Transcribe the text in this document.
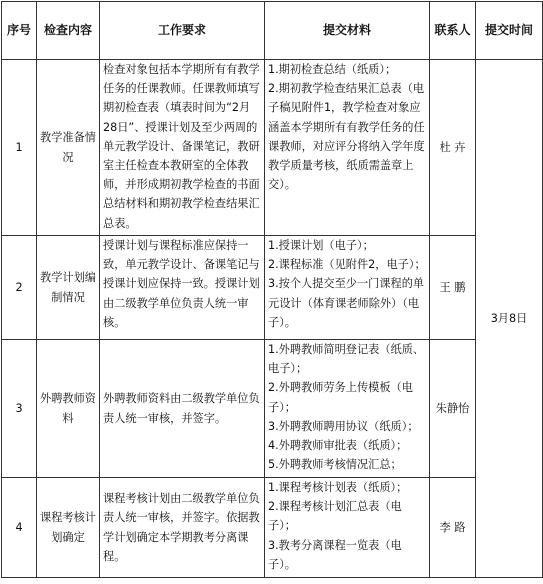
序号	检查内容	工作要求	提交材料	联系人	提交时间
1	教学准备情况	检查对象包括本学期所有有教学任务的任课教师。任课教师填写期初检查表（填表时间为“2月28日”、授课计划及至少两周的单元教学设计、备课笔记，教研室主任检查本教研室的全体教师，并形成期初教学检查的书面总结材料和期初教学检查结果汇总表。	1.期初检查总结（纸质）；
2.期初教学检查结果汇总表（电子稿见附件1，教学检查对象应涵盖本学期所有有教学任务的任课教师，对应评分将纳入学年度教学质量考核，纸质需盖章上交）。	杜 卉	3月8日
2	教学计划编制情况	授课计划与课程标准应保持一致，单元教学设计、备课笔记与授课计划应保持一致。授课计划由二级教学单位负责人统一审核。	1.授课计划（电子）；
2.课程标准（见附件2，电子）；
3.按个人提交至少一门课程的单元设计（体育课老师除外）（电子）。	王 鹏	
3	外聘教师资料	外聘教师资料由二级教学单位负责人统一审核，并签字。	1.外聘教师简明登记表（纸质、电子）；
2.外聘教师劳务上传模板（电子）；
3.外聘教师聘用协议（纸质）；
4.外聘教师审批表（纸质）；
5.外聘教师考核情况汇总；	朱静怡	
4	课程考核计划确定	课程考核计划由二级教学单位负责人统一审核，并签字。依据教学计划确定本学期教考分离课程。	1.课程考核计划表（纸质）；
2.课程考核计划汇总表（电子）；
3.教考分离课程一览表（电子）。	李 路	
